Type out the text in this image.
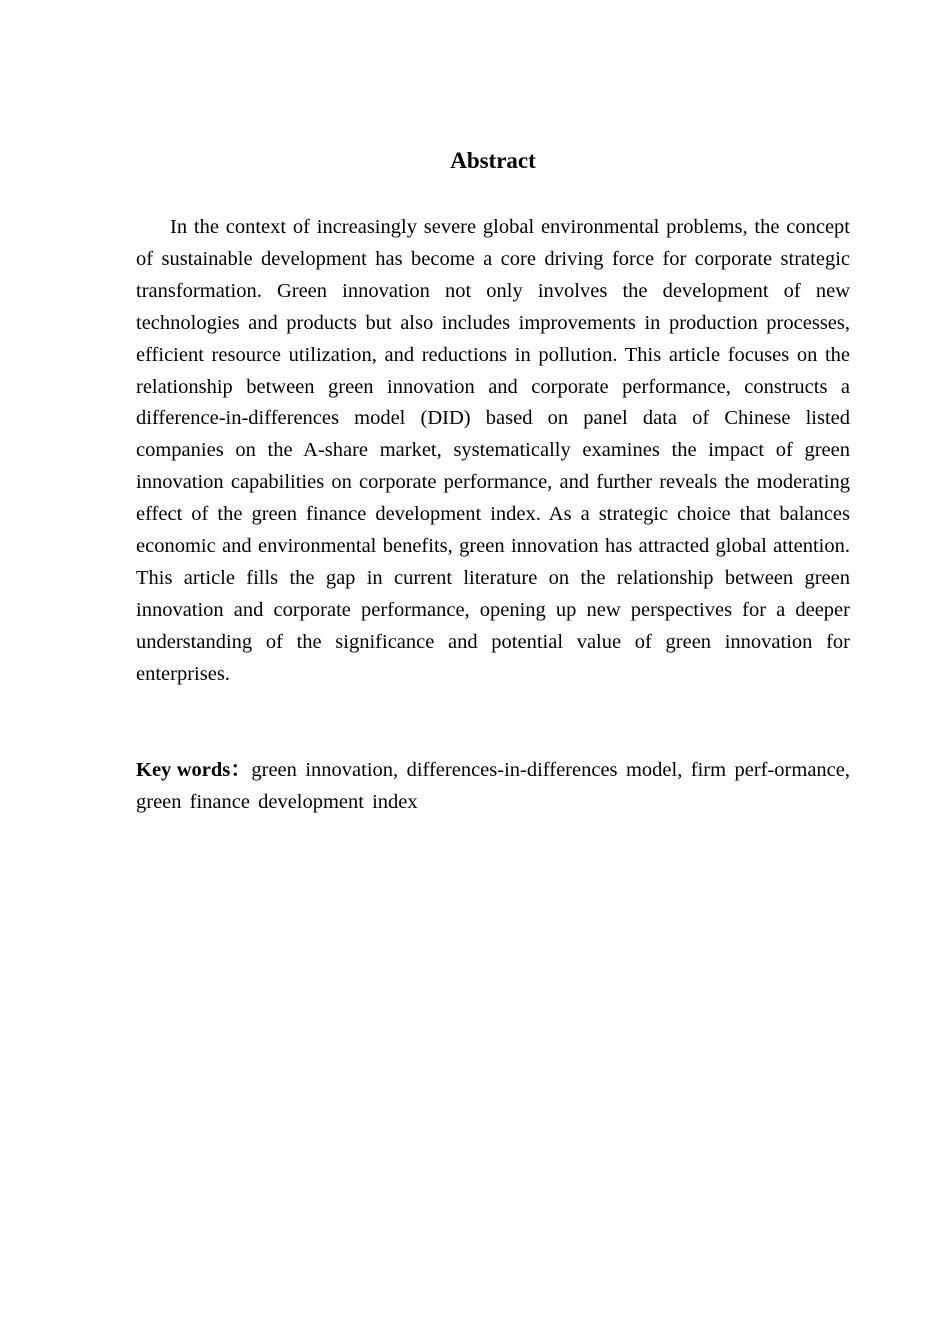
Abstract

In the context of increasingly severe global environmental problems, the concept of sustainable development has become a core driving force for corporate strategic transformation. Green innovation not only involves the development of new technologies and products but also includes improvements in production processes, efficient resource utilization, and reductions in pollution. This article focuses on the relationship between green innovation and corporate performance, constructs a difference-in-differences model (DID) based on panel data of Chinese listed companies on the A-share market, systematically examines the impact of green innovation capabilities on corporate performance, and further reveals the moderating effect of the green finance development index. As a strategic choice that balances economic and environmental benefits, green innovation has attracted global attention. This article fills the gap in current literature on the relationship between green innovation and corporate performance, opening up new perspectives for a deeper understanding of the significance and potential value of green innovation for enterprises.

Key words：green innovation, differences-in-differences model, firm perf-ormance, green finance development index
